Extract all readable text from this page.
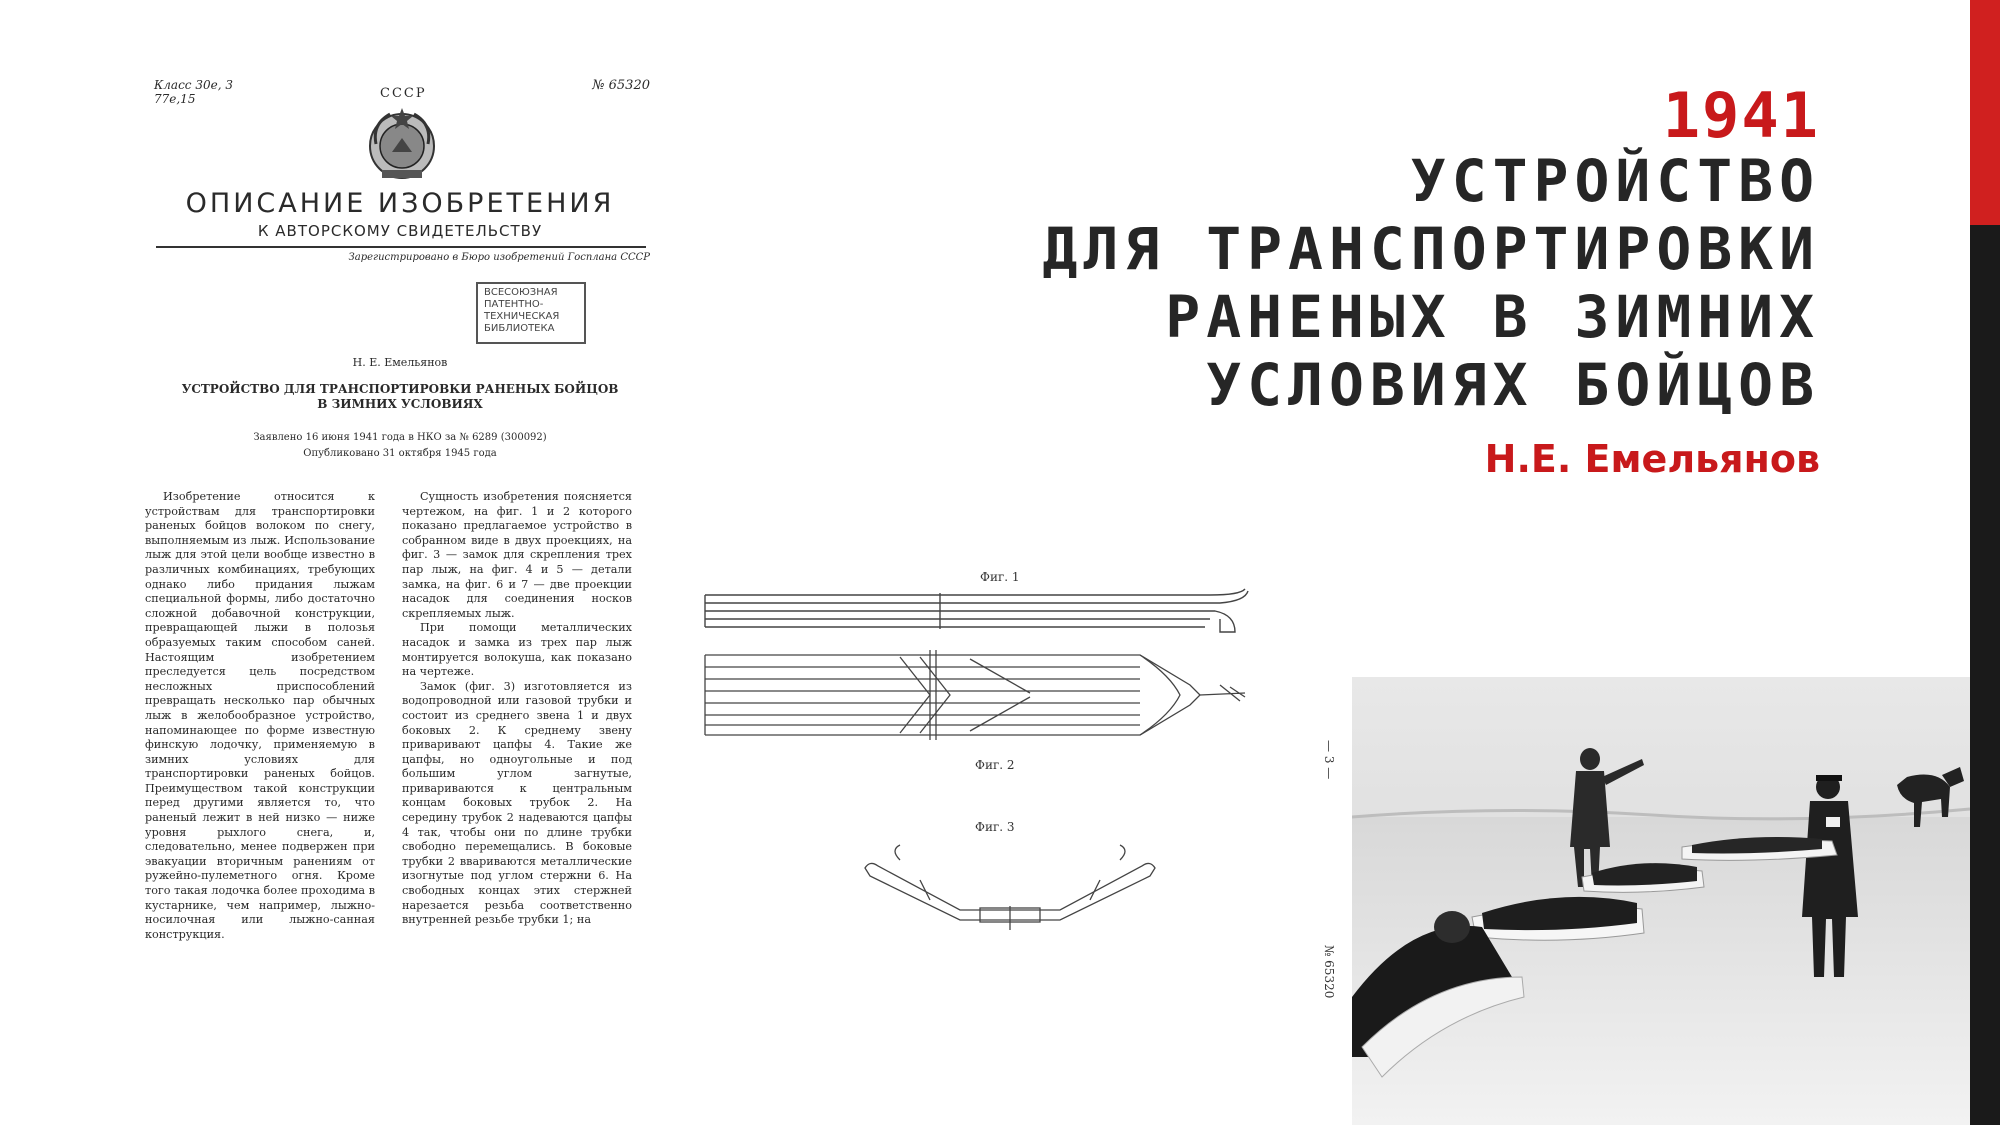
1941
УСТРОЙСТВО
ДЛЯ ТРАНСПОРТИРОВКИ
РАНЕНЫХ В ЗИМНИХ
УСЛОВИЯХ БОЙЦОВ
Н.Е. Емельянов
Класс 30е, 3
77е,15	СССР
№ 65320
ОПИСАНИЕ ИЗОБРЕТЕНИЯ
К АВТОРСКОМУ СВИДЕТЕЛЬСТВУ
Зарегистрировано в Бюро изобретений Госплана СССР
ВСЕСОЮЗНАЯ
ПАТЕНТНО-
ТЕХНИЧЕСКАЯ
БИБЛИОТЕКА
Н. Е. Емельянов
УСТРОЙСТВО ДЛЯ ТРАНСПОРТИРОВКИ РАНЕНЫХ БОЙЦОВ
В ЗИМНИХ УСЛОВИЯХ
Заявлено 16 июня 1941 года в НКО за № 6289 (300092)
Опубликовано 31 октября 1945 года

Изобретение относится к устройствам для транспортировки раненых бойцов волоком по снегу, выполняемым из лыж. Использование лыж для этой цели вообще известно в различных комбинациях, требующих однако либо придания лыжам специальной формы, либо достаточно сложной добавочной конструкции, превращающей лыжи в полозья образуемых таким способом саней. Настоящим изобретением преследуется цель посредством несложных приспособлений превращать несколько пар обычных лыж в желобообразное устройство, напоминающее по форме известную финскую лодочку, применяемую в зимних условиях для транспортировки раненых бойцов. Преимуществом такой конструкции перед другими является то, что раненый лежит в ней низко — ниже уровня рыхлого снега, и, следовательно, менее подвержен при эвакуации вторичным ранениям от ружейно-пулеметного огня. Кроме того такая лодочка более проходима в кустарнике, чем например, лыжно-носилочная или лыжно-санная конструкция.

Сущность изобретения поясняется чертежом, на фиг. 1 и 2 которого показано предлагаемое устройство в собранном виде в двух проекциях, на фиг. 3 — замок для скрепления трех пар лыж, на фиг. 4 и 5 — детали замка, на фиг. 6 и 7 — две проекции насадок для соединения носков скрепляемых лыж.

При помощи металлических насадок и замка из трех пар лыж монтируется волокуша, как показано на чертеже.

Замок (фиг. 3) изготовляется из водопроводной или газовой трубки и состоит из среднего звена 1 и двух боковых 2. К среднему звену приваривают цапфы 4. Такие же цапфы, но одноугольные и под большим углом загнутые, привариваются к центральным концам боковых трубок 2. На середину трубок 2 надеваются цапфы 4 так, чтобы они по длине трубки свободно перемещались. В боковые трубки 2 ввариваются металлические изогнутые под углом стержни 6. На свободных концах этих стержней нарезается резьба соответственно внутренней резьбе трубки 1; на

Фиг. 1
Фиг. 2
Фиг. 3
— 3 —
№ 65320
